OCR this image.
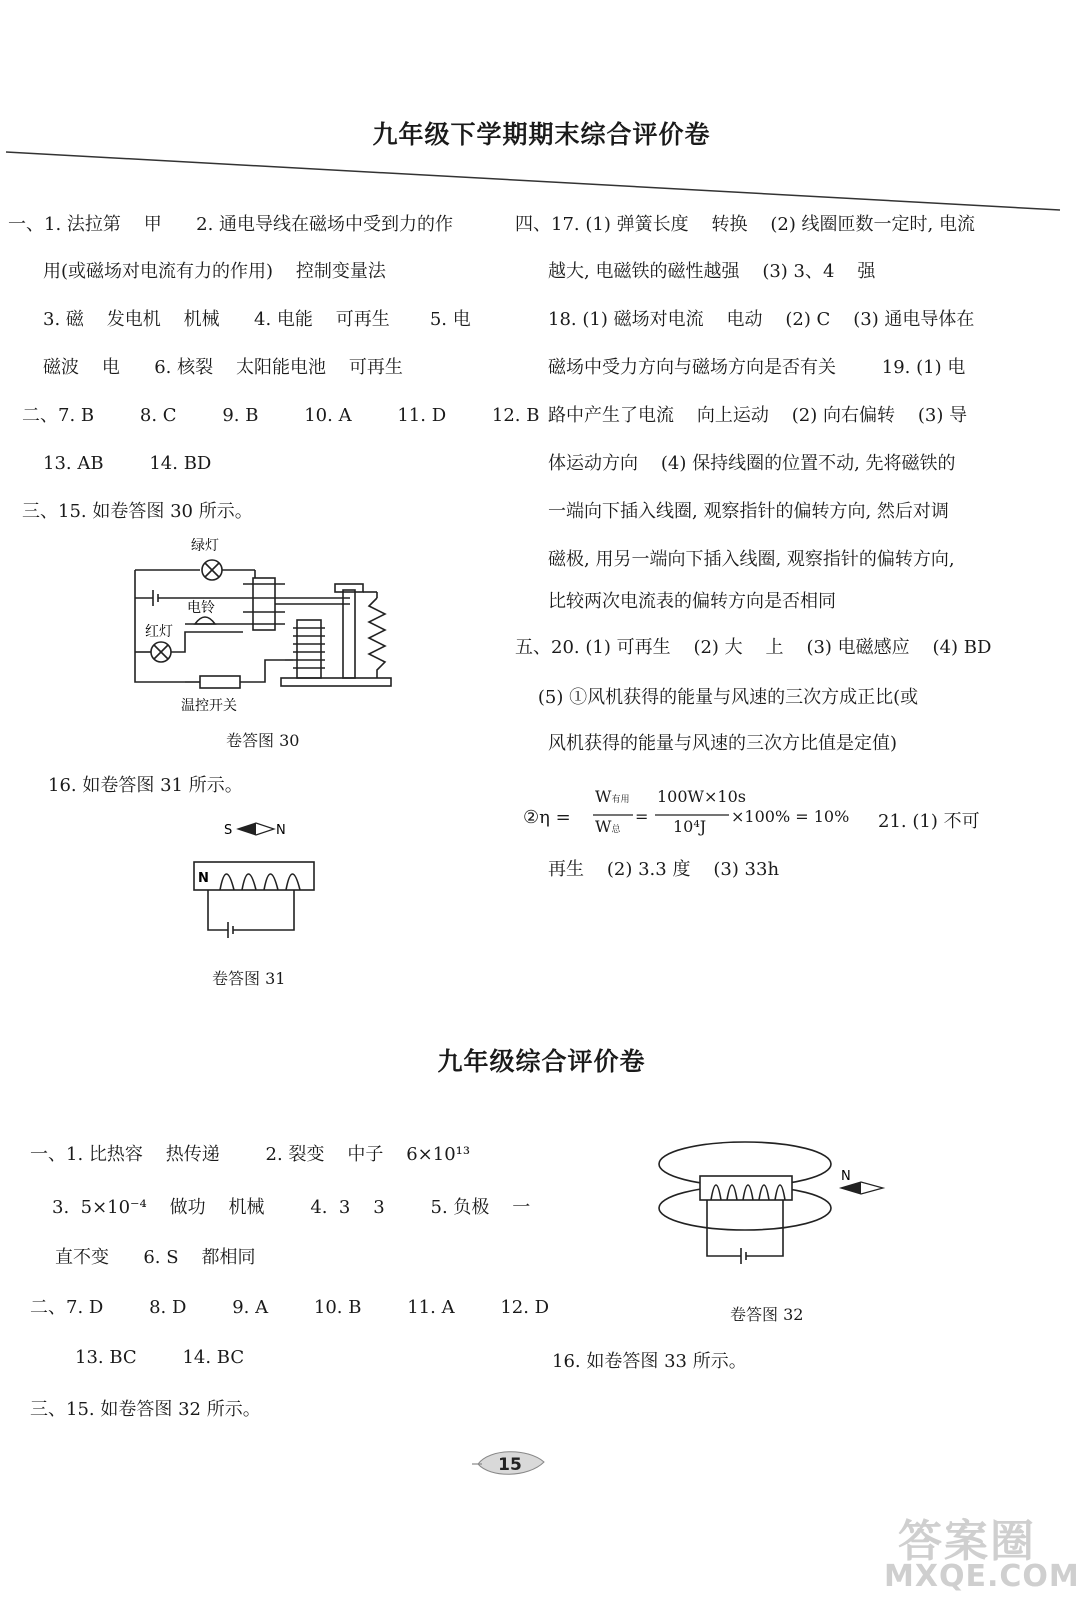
九年级下学期期末综合评价卷
一、1. 法拉第    甲      2. 通电导线在磁场中受到力的作
用(或磁场对电流有力的作用)    控制变量法
3. 磁    发电机    机械      4. 电能    可再生       5. 电
磁波    电      6. 核裂    太阳能电池    可再生
二、7. B        8. C        9. B        10. A        11. D        12. B
13. AB        14. BD
三、15. 如卷答图 30 所示。
绿灯
电铃
红灯
温控开关
卷答图 30
16. 如卷答图 31 所示。
S	N
N
卷答图 31
四、17. (1) 弹簧长度    转换    (2) 线圈匝数一定时, 电流
越大, 电磁铁的磁性越强    (3) 3、4    强
18. (1) 磁场对电流    电动    (2) C    (3) 通电导体在
磁场中受力方向与磁场方向是否有关        19. (1) 电
路中产生了电流    向上运动    (2) 向右偏转    (3) 导
体运动方向    (4) 保持线圈的位置不动, 先将磁铁的
一端向下插入线圈, 观察指针的偏转方向, 然后对调
磁极, 用另一端向下插入线圈, 观察指针的偏转方向,
比较两次电流表的偏转方向是否相同
五、20. (1) 可再生    (2) 大    上    (3) 电磁感应    (4) BD
(5) ①风机获得的能量与风速的三次方成正比(或
风机获得的能量与风速的三次方比值是定值)
②η =
W有用
W总
=
100W×10s
10⁴J
×100% = 10% 21. (1) 不可
再生    (2) 3.3 度    (3) 33h
九年级综合评价卷
一、1. 比热容    热传递        2. 裂变    中子    6×10¹³
3.  5×10⁻⁴    做功    机械        4.  3    3        5. 负极    一
直不变      6. S    都相同
二、7. D        8. D        9. A        10. B        11. A        12. D
13. BC        14. BC
三、15. 如卷答图 32 所示。
N
卷答图 32
16. 如卷答图 33 所示。
15
答案圈
MXQE.COM
